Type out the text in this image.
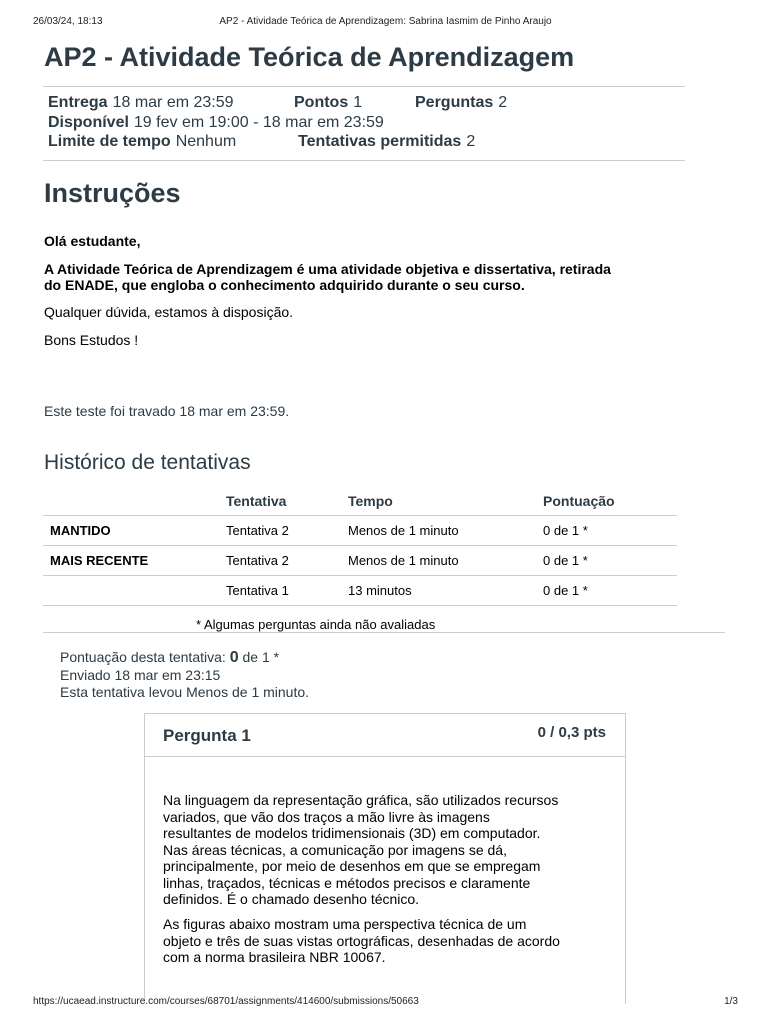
26/03/24, 18:13	AP2 - Atividade Teórica de Aprendizagem: Sabrina Iasmim de Pinho Araujo
AP2 - Atividade Teórica de Aprendizagem
Entrega 18 mar em 23:59	Pontos 1	Perguntas 2
Disponível 19 fev em 19:00 - 18 mar em 23:59
Limite de tempo Nenhum	Tentativas permitidas 2
Instruções

Olá estudante,

A Atividade Teórica de Aprendizagem é uma atividade objetiva e dissertativa, retirada

do ENADE, que engloba o conhecimento adquirido durante o seu curso.

Qualquer dúvida, estamos à disposição.

Bons Estudos !

Este teste foi travado 18 mar em 23:59.
Histórico de tentativas
	Tentativa	Tempo	Pontuação
MANTIDO	Tentativa 2	Menos de 1 minuto	0 de 1 *
MAIS RECENTE	Tentativa 2	Menos de 1 minuto	0 de 1 *
	Tentativa 1	13 minutos	0 de 1 *
* Algumas perguntas ainda não avaliadas
Pontuação desta tentativa: 0 de 1 *
Enviado 18 mar em 23:15
Esta tentativa levou Menos de 1 minuto.
Pergunta 1	0 / 0,3 pts
Na linguagem da representação gráfica, são utilizados recursos
variados, que vão dos traços a mão livre às imagens
resultantes de modelos tridimensionais (3D) em computador.
Nas áreas técnicas, a comunicação por imagens se dá,
principalmente, por meio de desenhos em que se empregam
linhas, traçados, técnicas e métodos precisos e claramente
definidos. É o chamado desenho técnico.
As figuras abaixo mostram uma perspectiva técnica de um
objeto e três de suas vistas ortográficas, desenhadas de acordo
com a norma brasileira NBR 10067.
https://ucaead.instructure.com/courses/68701/assignments/414600/submissions/50663	1/3
